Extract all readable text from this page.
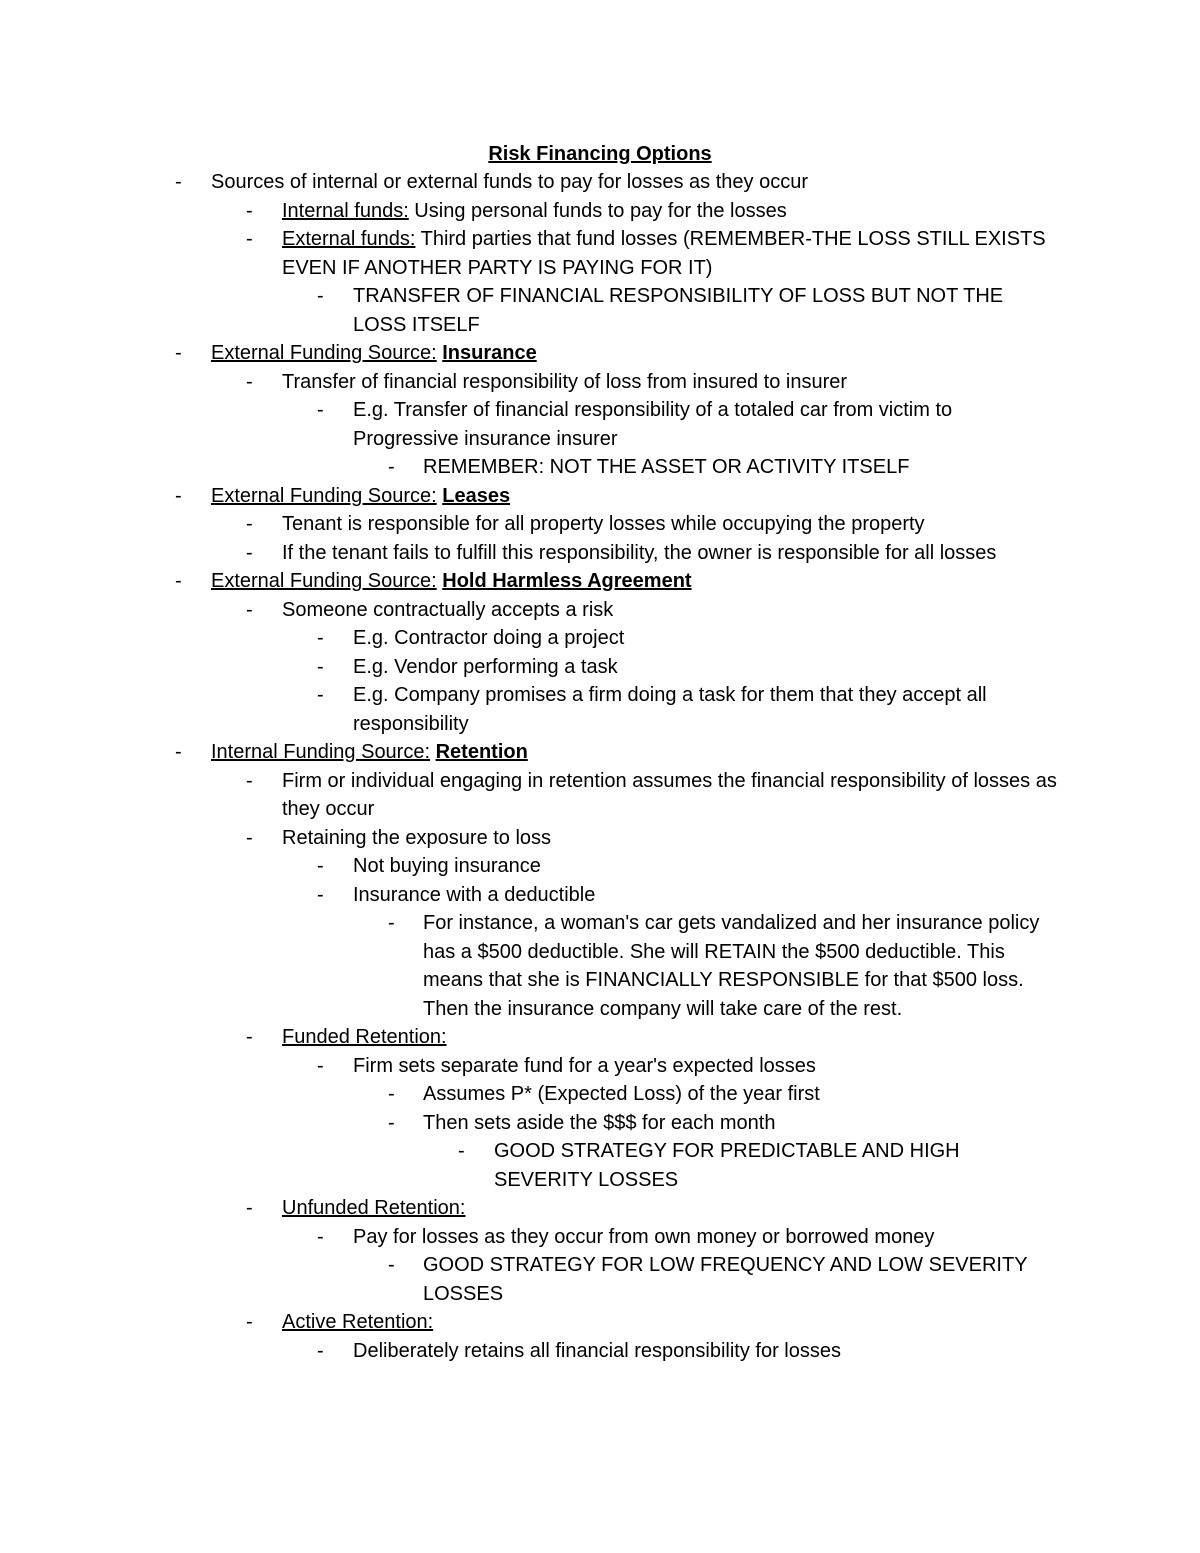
Risk Financing Options
- Sources of internal or external funds to pay for losses as they occur
- Internal funds: Using personal funds to pay for the losses
- External funds: Third parties that fund losses (REMEMBER-THE LOSS STILL EXISTS EVEN IF ANOTHER PARTY IS PAYING FOR IT)
- TRANSFER OF FINANCIAL RESPONSIBILITY OF LOSS BUT NOT THE LOSS ITSELF
- External Funding Source: Insurance
- Transfer of financial responsibility of loss from insured to insurer
- E.g. Transfer of financial responsibility of a totaled car from victim to Progressive insurance insurer
- REMEMBER: NOT THE ASSET OR ACTIVITY ITSELF
- External Funding Source: Leases
- Tenant is responsible for all property losses while occupying the property
- If the tenant fails to fulfill this responsibility, the owner is responsible for all losses
- External Funding Source: Hold Harmless Agreement
- Someone contractually accepts a risk
- E.g. Contractor doing a project
- E.g. Vendor performing a task
- E.g. Company promises a firm doing a task for them that they accept all responsibility
- Internal Funding Source: Retention
- Firm or individual engaging in retention assumes the financial responsibility of losses as they occur
- Retaining the exposure to loss
- Not buying insurance
- Insurance with a deductible
- For instance, a woman's car gets vandalized and her insurance policy has a $500 deductible. She will RETAIN the $500 deductible. This means that she is FINANCIALLY RESPONSIBLE for that $500 loss. Then the insurance company will take care of the rest.
- Funded Retention:
- Firm sets separate fund for a year's expected losses
- Assumes P* (Expected Loss) of the year first
- Then sets aside the $$$ for each month
- GOOD STRATEGY FOR PREDICTABLE AND HIGH SEVERITY LOSSES
- Unfunded Retention:
- Pay for losses as they occur from own money or borrowed money
- GOOD STRATEGY FOR LOW FREQUENCY AND LOW SEVERITY LOSSES
- Active Retention:
- Deliberately retains all financial responsibility for losses
